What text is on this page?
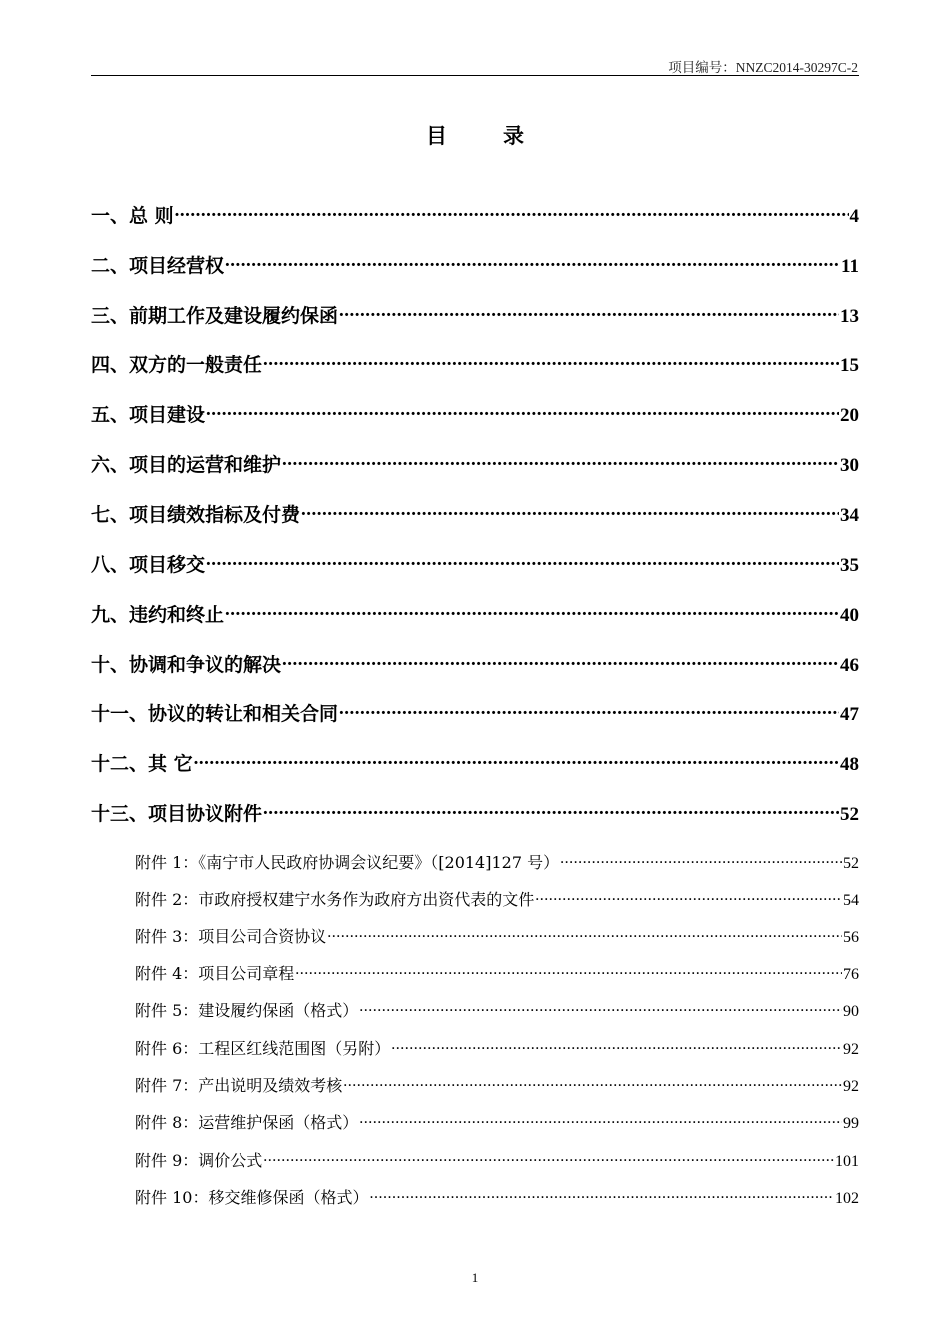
项目编号：NNZC2014-30297C-2
目	录
一、总 则 .....	4
二、项目经营权 .....	11
三、前期工作及建设履约保函 .....	13
四、双方的一般责任 .....	15
五、项目建设 .....	20
六、项目的运营和维护 .....	30
七、项目绩效指标及付费 .....	34
八、项目移交 .....	35
九、违约和终止 .....	40
十、协调和争议的解决 .....	46
十一、协议的转让和相关合同 .....	47
十二、其 它 .....	48
十三、项目协议附件 .....	52
附件 1：《南宁市人民政府协调会议纪要》（[2014]127 号） .....	52
附件 2：市政府授权建宁水务作为政府方出资代表的文件 .....	54
附件 3：项目公司合资协议 .....	56
附件 4：项目公司章程 .....	76
附件 5：建设履约保函（格式） .....	90
附件 6：工程区红线范围图（另附） .....	92
附件 7：产出说明及绩效考核 .....	92
附件 8：运营维护保函（格式） .....	99
附件 9：调价公式 .....	101
附件 10：移交维修保函（格式） .....	102
1
